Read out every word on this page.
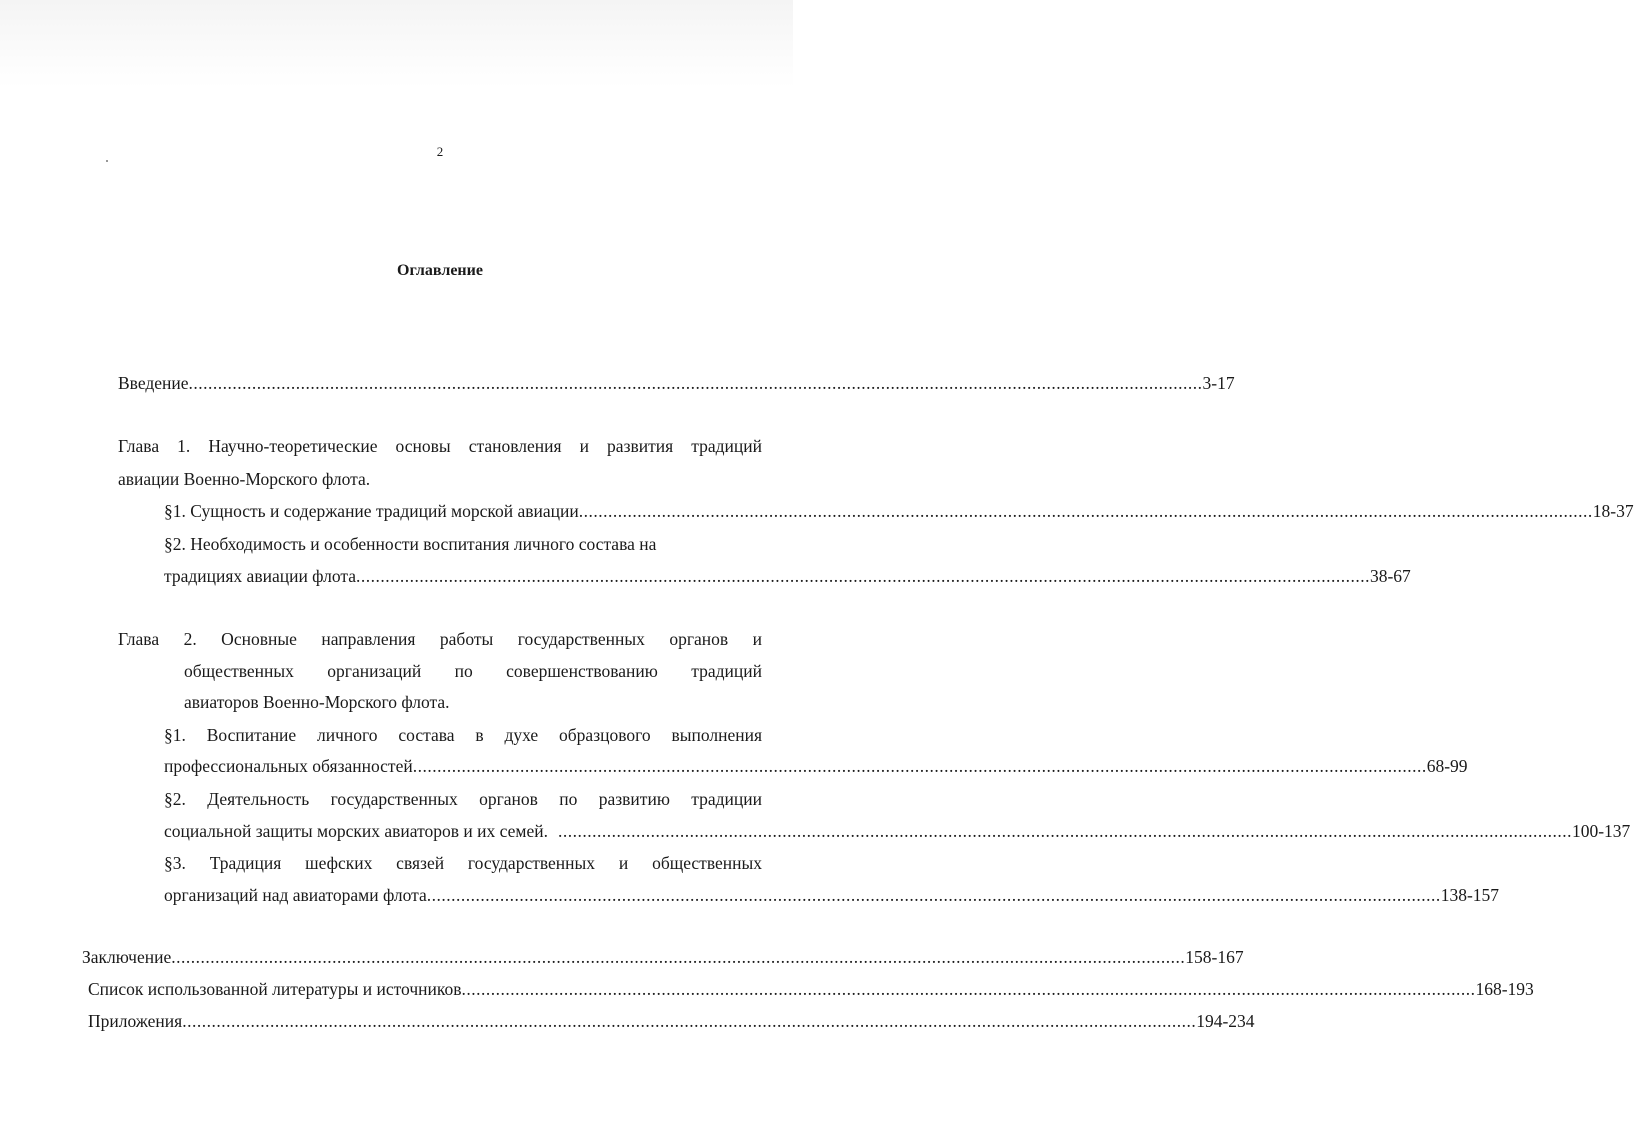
2
Оглавление
Введение ................................................................................................................................................................................................................ 3-17
Глава 1. Научно-теоретические основы становления и развития традиций
авиации Военно-Морского флота.
§1. Сущность и содержание традиций морской авиации ................................................................................................................................................................................................................ 18-37
§2. Необходимость и особенности воспитания личного состава на
традициях авиации флота ................................................................................................................................................................................................................ 38-67
Глава 2. Основные направления работы государственных органов и
общественных организаций по совершенствованию традиций
авиаторов Военно-Морского флота.
§1. Воспитание личного состава в духе образцового выполнения
профессиональных обязанностей ................................................................................................................................................................................................................ 68-99
§2. Деятельность государственных органов по развитию традиции
социальной защиты морских авиаторов и их семей. ................................................................................................................................................................................................................ 100-137
§3. Традиция шефских связей государственных и общественных
организаций над авиаторами флота ................................................................................................................................................................................................................ 138-157
Заключение ................................................................................................................................................................................................................ 158-167
Список использованной литературы и источников ................................................................................................................................................................................................................ 168-193
Приложения ................................................................................................................................................................................................................ 194-234
